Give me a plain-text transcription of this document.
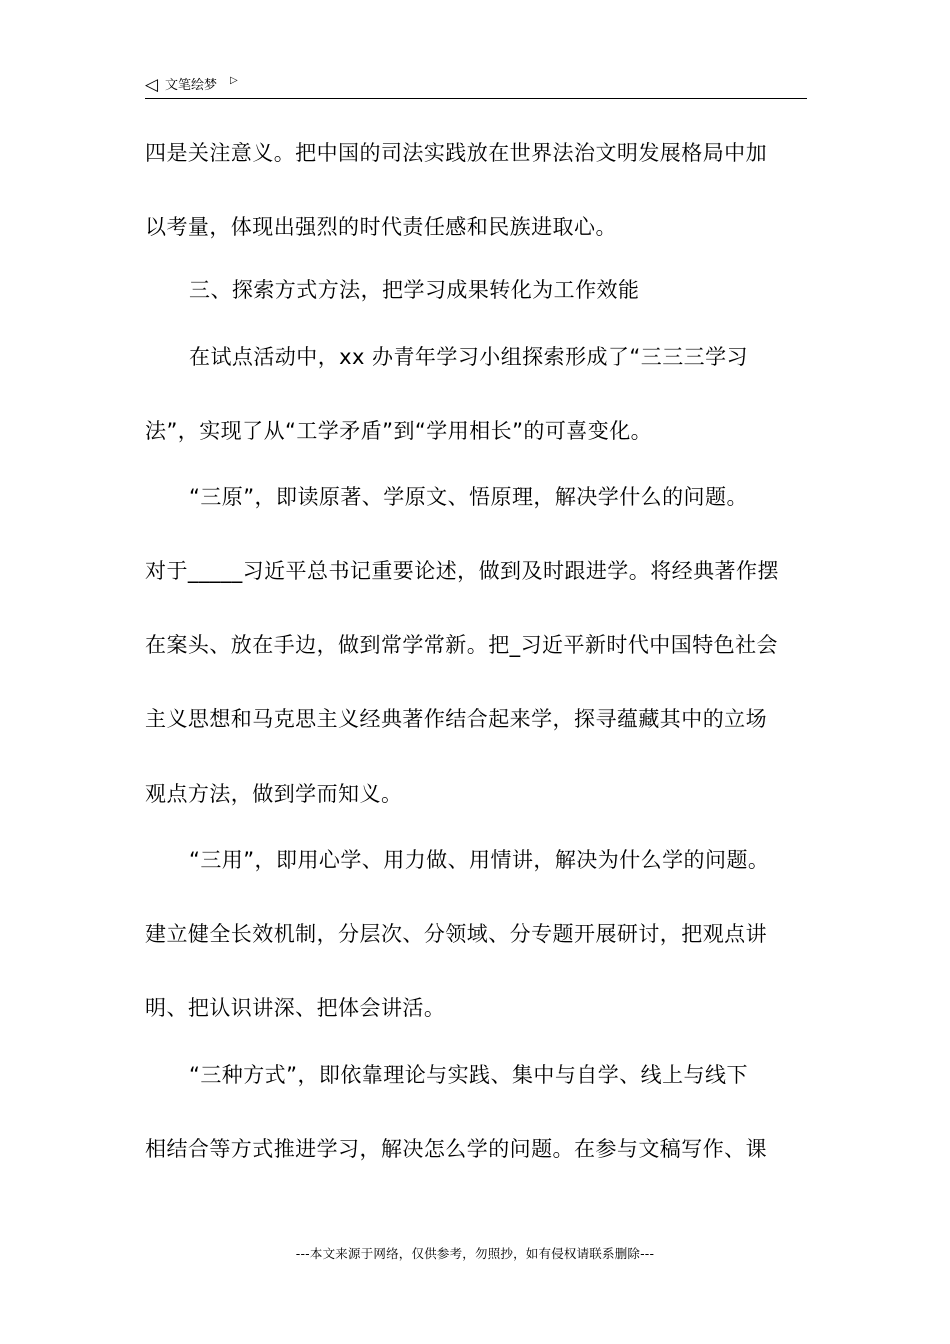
◁ 文笔绘梦 ▷
四是关注意义。把中国的司法实践放在世界法治文明发展格局中加
以考量，体现出强烈的时代责任感和民族进取心。
三、探索方式方法，把学习成果转化为工作效能
在试点活动中，xx 办青年学习小组探索形成了“三三三学习
法”，实现了从“工学矛盾”到“学用相长”的可喜变化。
“三原”，即读原著、学原文、悟原理，解决学什么的问题。
对于_____习近平总书记重要论述，做到及时跟进学。将经典著作摆
在案头、放在手边，做到常学常新。把_习近平新时代中国特色社会
主义思想和马克思主义经典著作结合起来学，探寻蕴藏其中的立场
观点方法，做到学而知义。
“三用”，即用心学、用力做、用情讲，解决为什么学的问题。
建立健全长效机制，分层次、分领域、分专题开展研讨，把观点讲
明、把认识讲深、把体会讲活。
“三种方式”，即依靠理论与实践、集中与自学、线上与线下
相结合等方式推进学习，解决怎么学的问题。在参与文稿写作、课
---本文来源于网络，仅供参考，勿照抄，如有侵权请联系删除---
